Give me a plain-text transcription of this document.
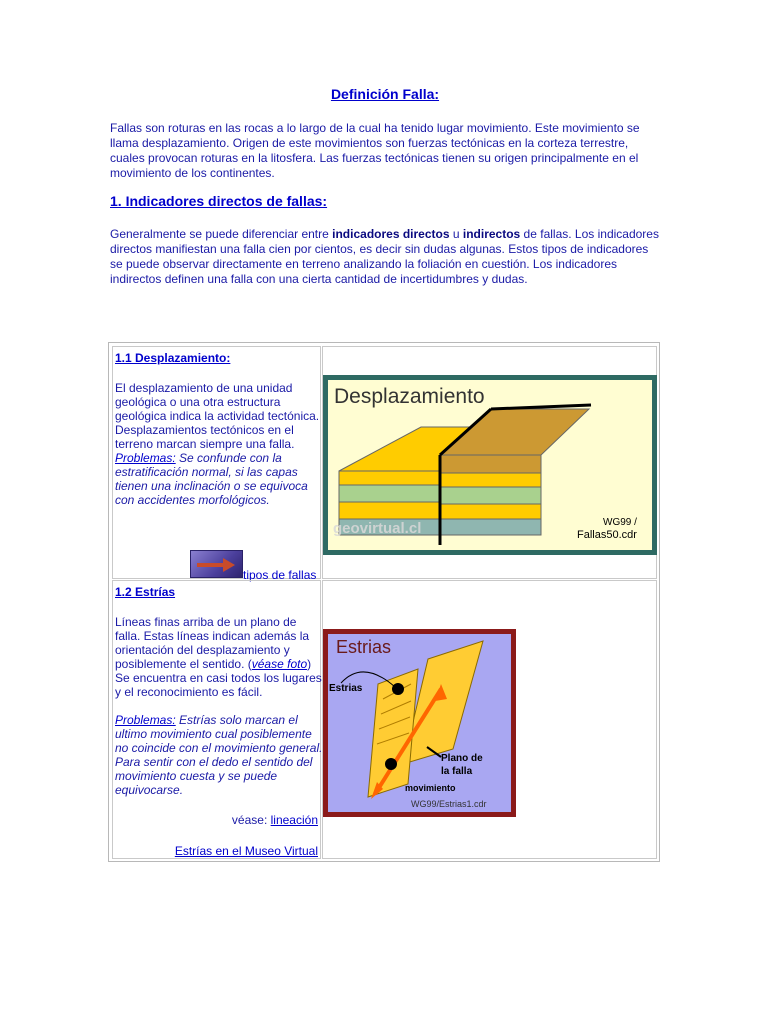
Definición Falla:
Fallas son roturas en las rocas a lo largo de la cual ha tenido lugar movimiento. Este movimiento se llama desplazamiento. Origen de este movimientos son fuerzas tectónicas en la corteza terrestre, cuales provocan roturas en la litosfera. Las fuerzas tectónicas tienen su origen principalmente en el movimiento de los continentes.
1. Indicadores directos de fallas:
Generalmente se puede diferenciar entre indicadores directos u indirectos de fallas. Los indicadores directos manifiestan una falla cien por cientos, es decir sin dudas algunas. Estos tipos de indicadores se puede observar directamente en terreno analizando la foliación en cuestión. Los indicadores indirectos definen una falla con una cierta cantidad de incertidumbres y dudas.
1.1 Desplazamiento:
El desplazamiento de una unidad geológica o una otra estructura geológica indica la actividad tectónica. Desplazamientos tectónicos en el terreno marcan siempre una falla.
Problemas: Se confunde con la estratificación normal, si las capas tienen una inclinación o se equivoca con accidentes morfológicos.
tipos de fallas
Desplazamiento
geovirtual.cl	WG99 /
Fallas50.cdr
1.2 Estrías
Líneas finas arriba de un plano de falla. Estas líneas indican además la orientación del desplazamiento y posiblemente el sentido. (véase foto) Se encuentra en casi todos los lugares y el reconocimiento es fácil.

Problemas: Estrías solo marcan el ultimo movimiento cual posiblemente no coincide con el movimiento general. Para sentir con el dedo el sentido del movimiento cuesta y se puede equivocarse.
véase: lineación
Estrías en el Museo Virtual
Estrias
Estrias
Plano de
la falla
movimiento
WG99/Estrias1.cdr
